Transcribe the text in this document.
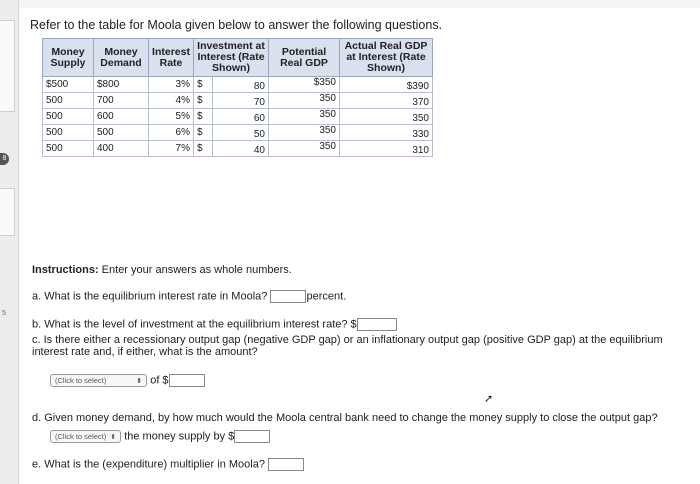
8
5
Refer to the table for Moola given below to answer the following questions.
Money Supply	Money Demand	Interest Rate	Investment at Interest (Rate Shown)		Potential Real GDP	Actual Real GDP at Interest (Rate Shown)
$500	$800	3%	$	80	$350	$390
500	700	4%	$	70	350	370
500	600	5%	$	60	350	350
500	500	6%	$	50	350	330
500	400	7%	$	40	350	310
Instructions: Enter your answers as whole numbers.
a. What is the equilibrium interest rate in Moola?	percent.
b. What is the level of investment at the equilibrium interest rate? $
c. Is there either a recessionary output gap (negative GDP gap) or an inflationary output gap (positive GDP gap) at the equilibrium
interest rate and, if either, what is the amount?
(Click to select)	⬍ of $
d. Given money demand, by how much would the Moola central bank need to change the money supply to close the output gap?
(Click to select) ⬍ the money supply by $
e. What is the (expenditure) multiplier in Moola?
➚
